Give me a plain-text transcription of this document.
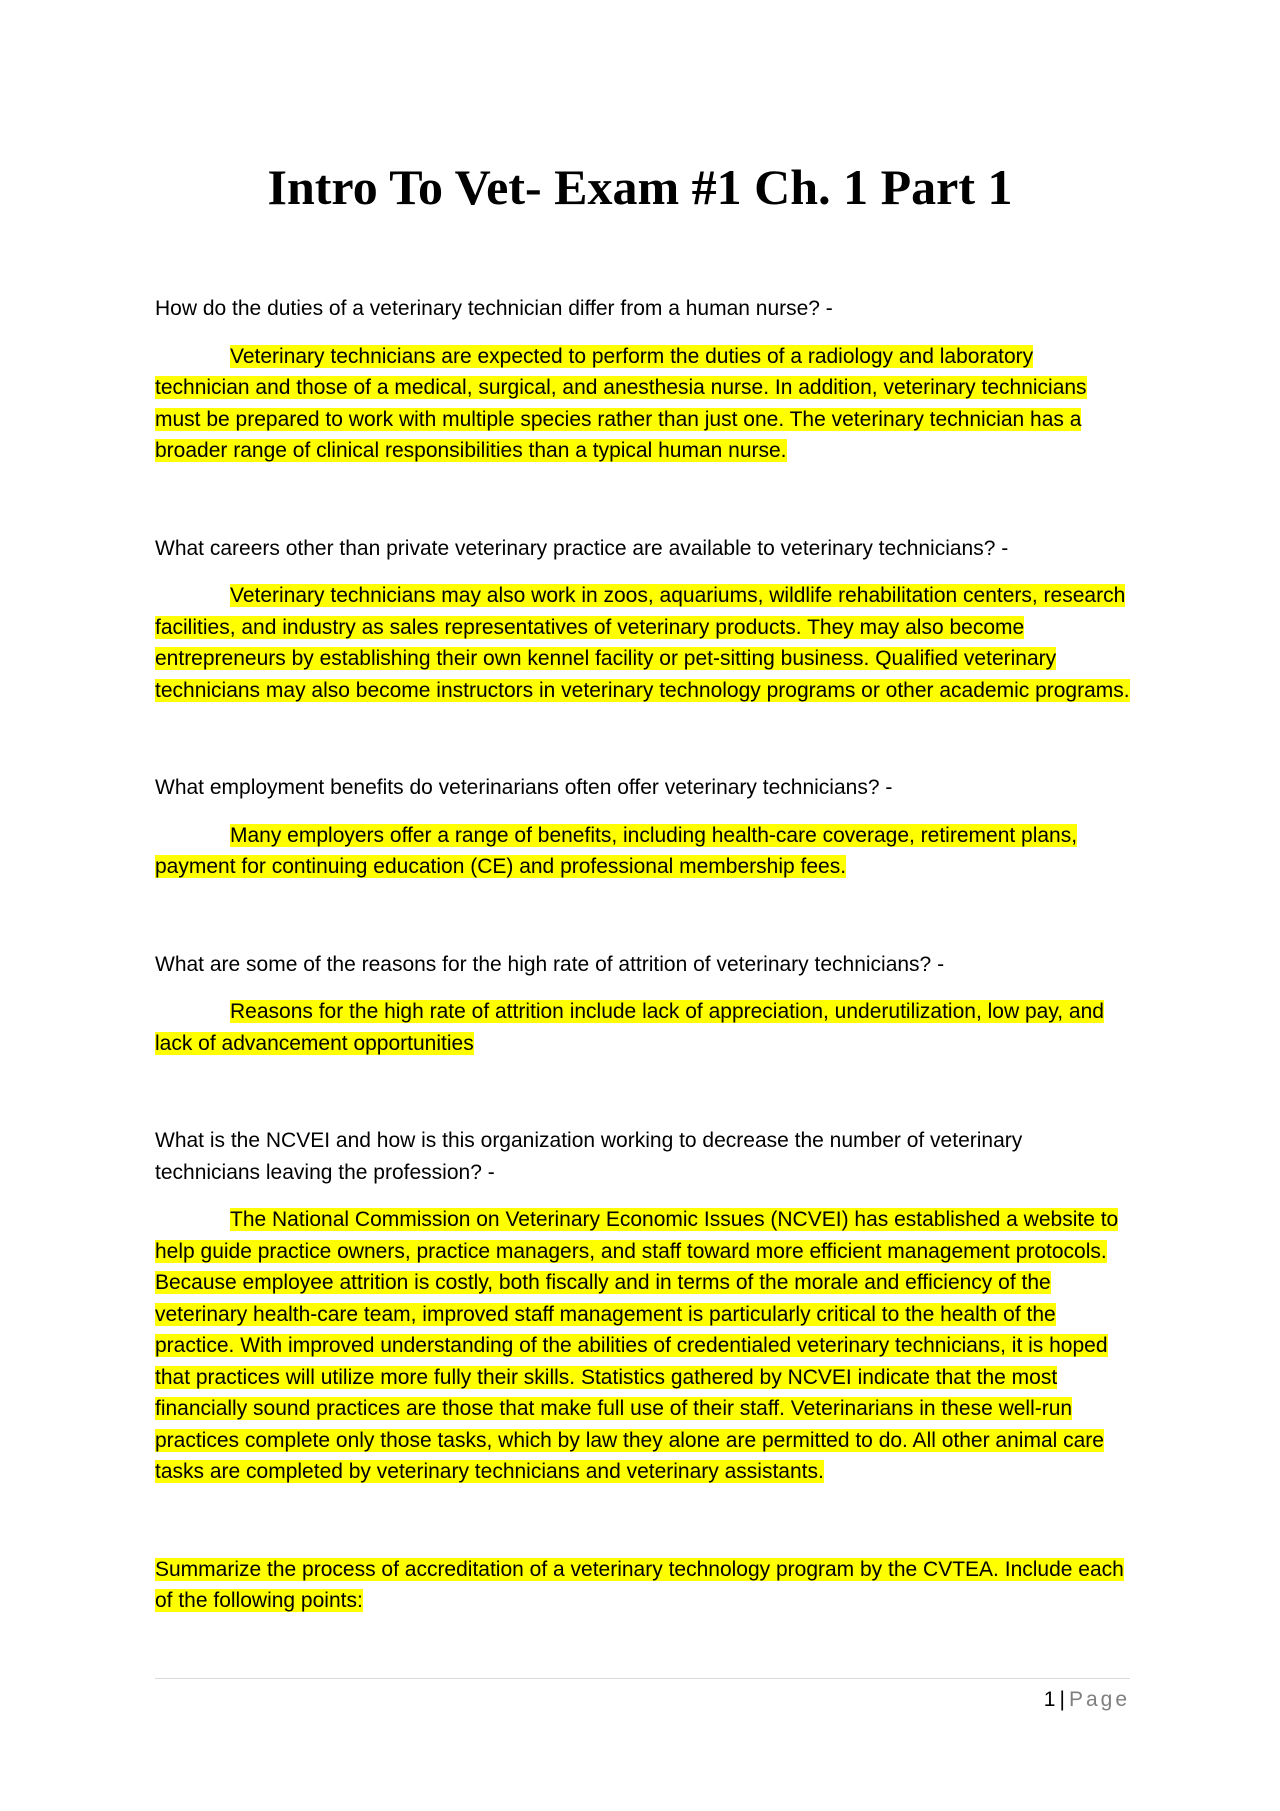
Intro To Vet- Exam #1 Ch. 1 Part 1

How do the duties of a veterinary technician differ from a human nurse? -

Veterinary technicians are expected to perform the duties of a radiology and laboratory technician and those of a medical, surgical, and anesthesia nurse. In addition, veterinary technicians must be prepared to work with multiple species rather than just one. The veterinary technician has a broader range of clinical responsibilities than a typical human nurse.

What careers other than private veterinary practice are available to veterinary technicians? -

Veterinary technicians may also work in zoos, aquariums, wildlife rehabilitation centers, research facilities, and industry as sales representatives of veterinary products. They may also become entrepreneurs by establishing their own kennel facility or pet-sitting business. Qualified veterinary technicians may also become instructors in veterinary technology programs or other academic programs.

What employment benefits do veterinarians often offer veterinary technicians? -

Many employers offer a range of benefits, including health-care coverage, retirement plans, payment for continuing education (CE) and professional membership fees.

What are some of the reasons for the high rate of attrition of veterinary technicians? -

Reasons for the high rate of attrition include lack of appreciation, underutilization, low pay, and lack of advancement opportunities

What is the NCVEI and how is this organization working to decrease the number of veterinary technicians leaving the profession? -

The National Commission on Veterinary Economic Issues (NCVEI) has established a website to help guide practice owners, practice managers, and staff toward more efficient management protocols. Because employee attrition is costly, both fiscally and in terms of the morale and efficiency of the veterinary health-care team, improved staff management is particularly critical to the health of the practice. With improved understanding of the abilities of credentialed veterinary technicians, it is hoped that practices will utilize more fully their skills. Statistics gathered by NCVEI indicate that the most financially sound practices are those that make full use of their staff. Veterinarians in these well-run practices complete only those tasks, which by law they alone are permitted to do. All other animal care tasks are completed by veterinary technicians and veterinary assistants.

Summarize the process of accreditation of a veterinary technology program by the CVTEA. Include each of the following points:

1 | Page
